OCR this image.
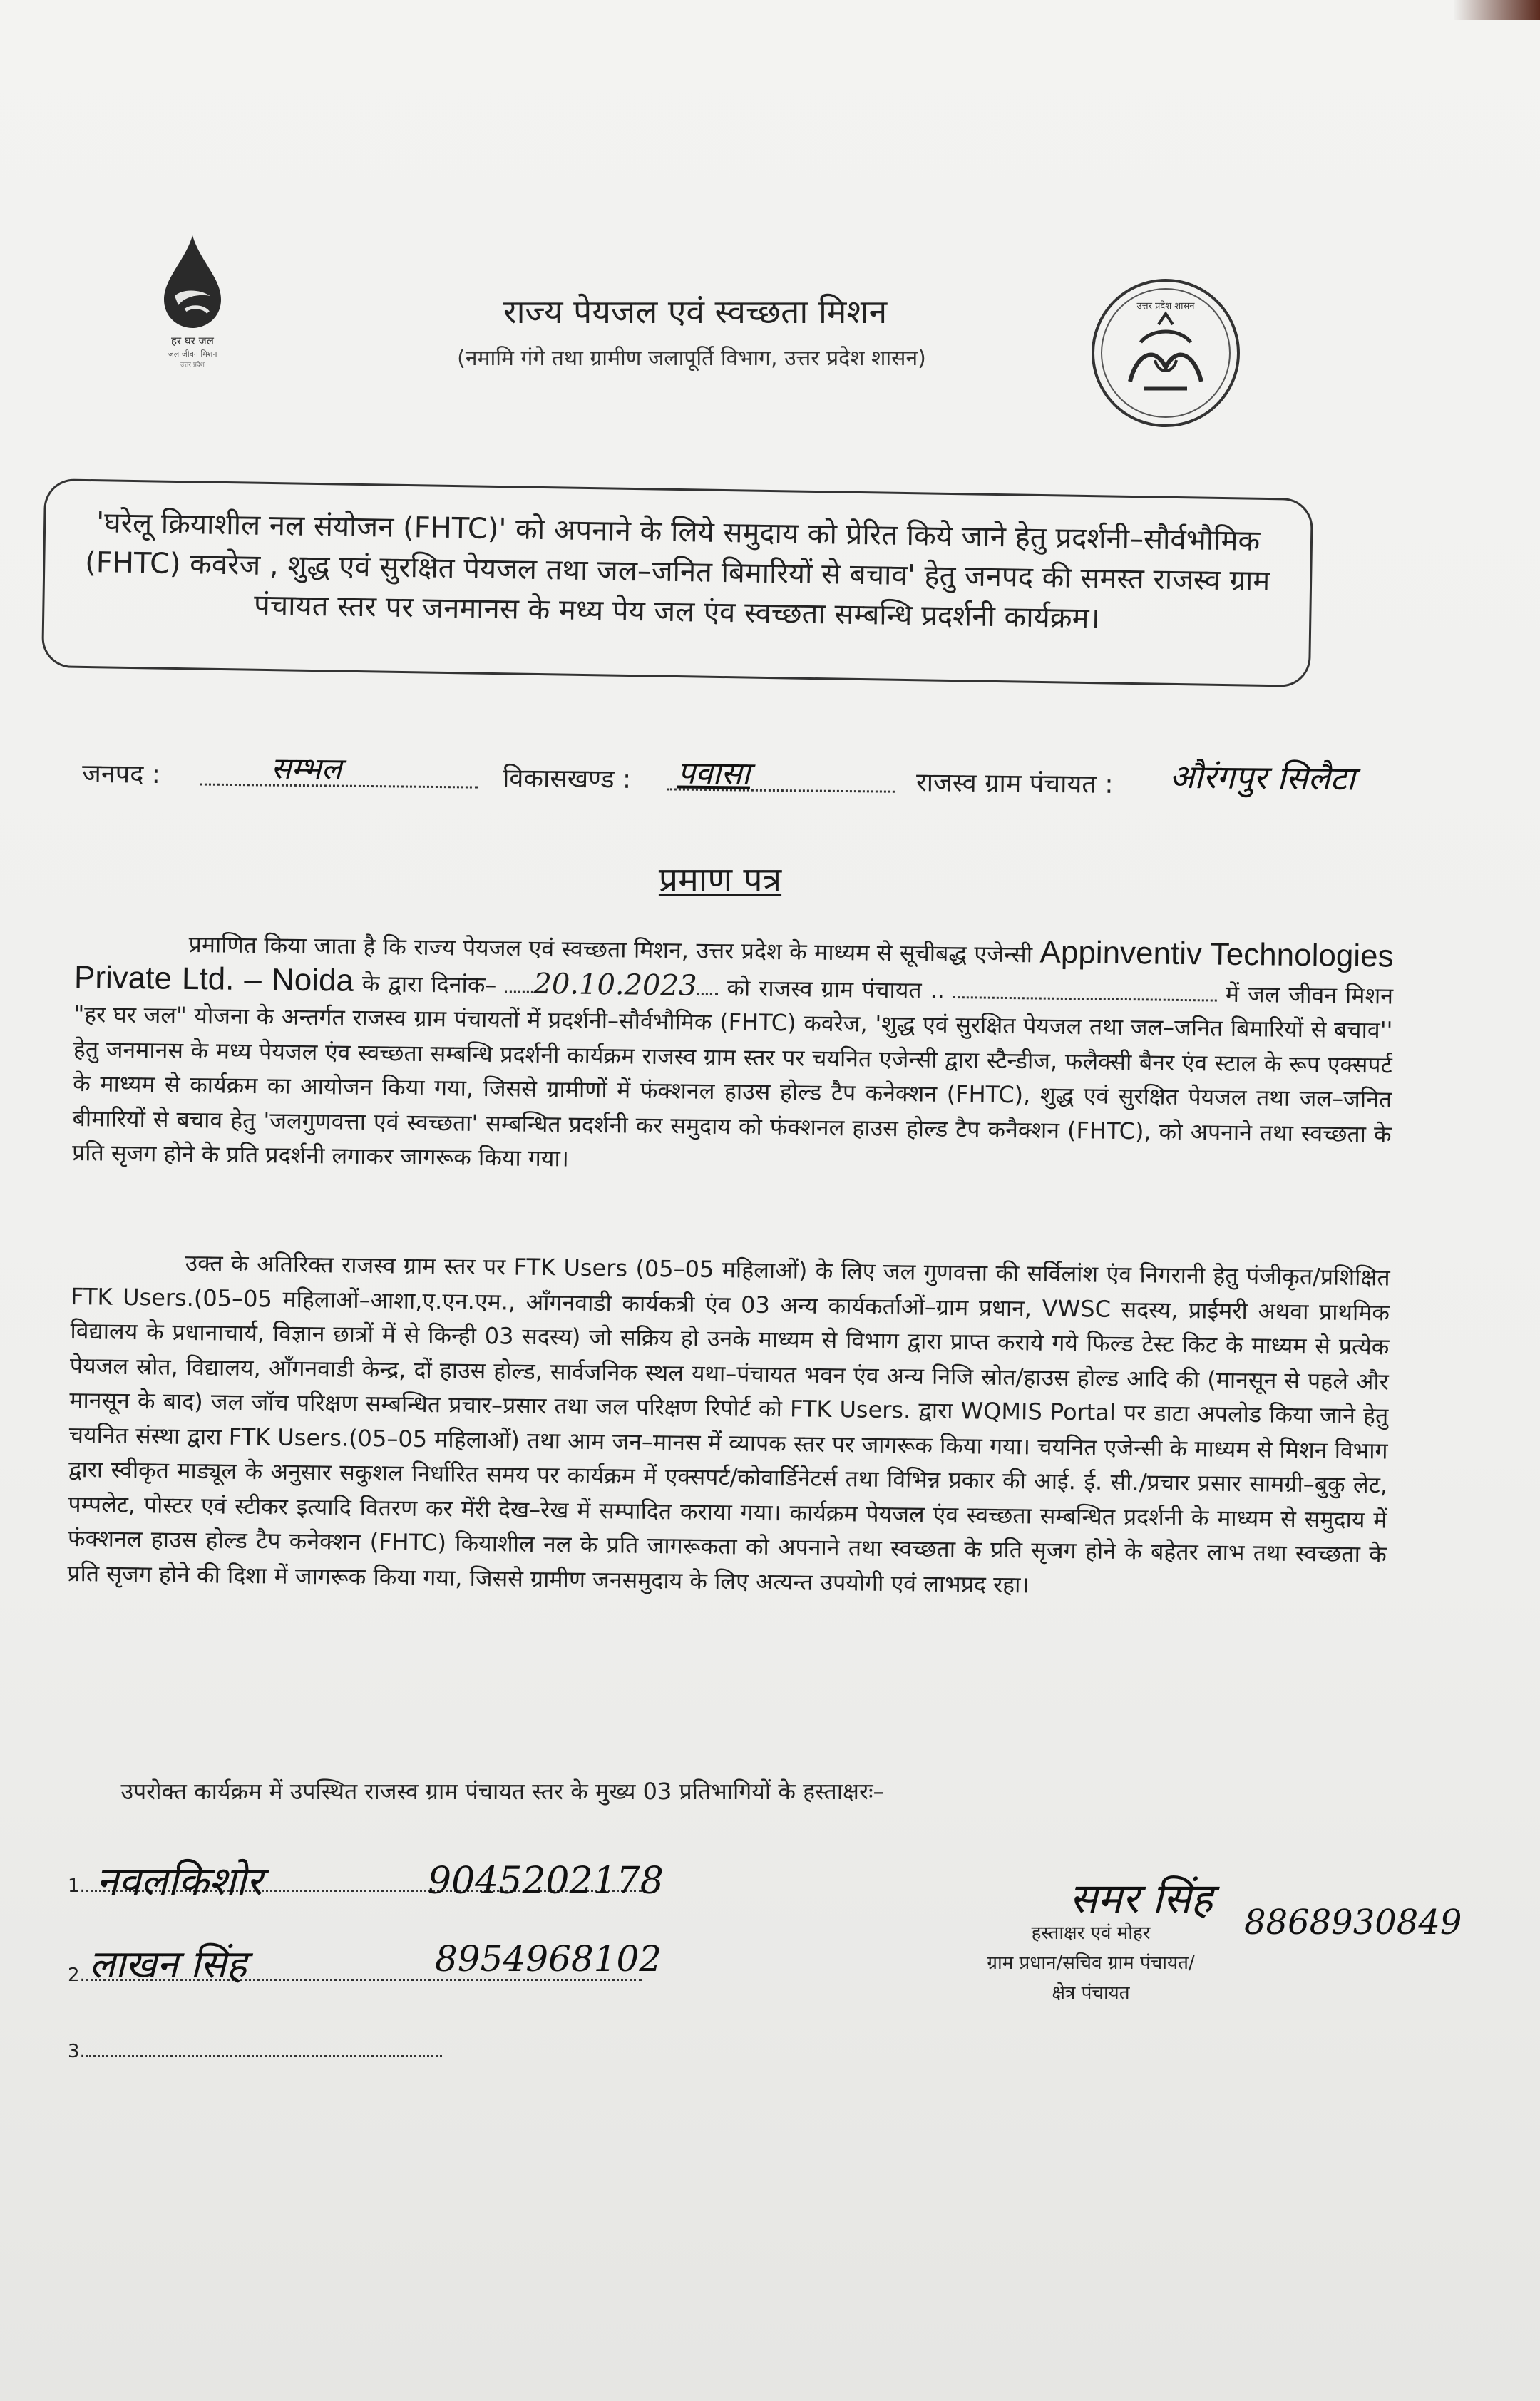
हर घर जल
जल जीवन मिशन
उत्तर प्रदेश
राज्य पेयजल एवं स्वच्छता मिशन
(नमामि गंगे तथा ग्रामीण जलापूर्ति विभाग, उत्तर प्रदेश शासन)
उत्तर प्रदेश शासन
'घरेलू क्रियाशील नल संयोजन (FHTC)' को अपनाने के लिये समुदाय को प्रेरित किये जाने हेतु प्रदर्शनी–सौर्वभौमिक (FHTC) कवरेज , शुद्ध एवं सुरक्षित पेयजल तथा जल–जनित बिमारियों से बचाव' हेतु जनपद की समस्त राजस्व ग्राम पंचायत स्तर पर जनमानस के मध्य पेय जल एंव स्वच्छता सम्बन्धि प्रदर्शनी कार्यक्रम।
जनपद :	सम्भल	विकासखण्ड : पवासा	राजस्व ग्राम पंचायत : औरंगपुर सिलैटा
प्रमाण पत्र
प्रमाणित किया जाता है कि राज्य पेयजल एवं स्वच्छता मिशन, उत्तर प्रदेश के माध्यम से सूचीबद्ध एजेन्सी Appinventiv Technologies Private Ltd. – Noida के द्वारा दिनांक– 20.10.2023 को राजस्व ग्राम पंचायत ..	में जल जीवन मिशन "हर घर जल" योजना के अन्तर्गत राजस्व ग्राम पंचायतों में प्रदर्शनी–सौर्वभौमिक (FHTC) कवरेज, 'शुद्ध एवं सुरक्षित पेयजल तथा जल–जनित बिमारियों से बचाव'' हेतु जनमानस के मध्य पेयजल एंव स्वच्छता सम्बन्धि प्रदर्शनी कार्यक्रम राजस्व ग्राम स्तर पर चयनित एजेन्सी द्वारा स्टैन्डीज, फलैक्सी बैनर एंव स्टाल के रूप एक्सपर्ट के माध्यम से कार्यक्रम का आयोजन किया गया, जिससे ग्रामीणों में फंक्शनल हाउस होल्ड टैप कनेक्शन (FHTC), शुद्ध एवं सुरक्षित पेयजल तथा जल–जनित बीमारियों से बचाव हेतु 'जलगुणवत्ता एवं स्वच्छता' सम्बन्धित प्रदर्शनी कर समुदाय को फंक्शनल हाउस होल्ड टैप कनैक्शन (FHTC), को अपनाने तथा स्वच्छता के प्रति सृजग होने के प्रति प्रदर्शनी लगाकर जागरूक किया गया।
उक्त के अतिरिक्त राजस्व ग्राम स्तर पर FTK Users (05–05 महिलाओं) के लिए जल गुणवत्ता की सर्विलांश एंव निगरानी हेतु पंजीकृत/प्रशिक्षित FTK Users.(05–05 महिलाओं–आशा,ए.एन.एम., आँगनवाडी कार्यकत्री एंव 03 अन्य कार्यकर्ताओं–ग्राम प्रधान, VWSC सदस्य, प्राईमरी अथवा प्राथमिक विद्यालय के प्रधानाचार्य, विज्ञान छात्रों में से किन्ही 03 सदस्य) जो सक्रिय हो उनके माध्यम से विभाग द्वारा प्राप्त कराये गये फिल्ड टेस्ट किट के माध्यम से प्रत्येक पेयजल स्रोत, विद्यालय, आँगनवाडी केन्द्र, दों हाउस होल्ड, सार्वजनिक स्थल यथा–पंचायत भवन एंव अन्य निजि स्रोत/हाउस होल्ड आदि की (मानसून से पहले और मानसून के बाद) जल जॉच परिक्षण सम्बन्धित प्रचार–प्रसार तथा जल परिक्षण रिपोर्ट को FTK Users. द्वारा WQMIS Portal पर डाटा अपलोड किया जाने हेतु चयनित संस्था द्वारा FTK Users.(05–05 महिलाओं) तथा आम जन–मानस में व्यापक स्तर पर जागरूक किया गया। चयनित एजेन्सी के माध्यम से मिशन विभाग द्वारा स्वीकृत माड्यूल के अनुसार सकुशल निर्धारित समय पर कार्यक्रम में एक्सपर्ट/कोवार्डिनेटर्स तथा विभिन्न प्रकार की आई. ई. सी./प्रचार प्रसार सामग्री–बुकु लेट, पम्पलेट, पोस्टर एवं स्टीकर इत्यादि वितरण कर मेंरी देख–रेख में सम्पादित कराया गया। कार्यक्रम पेयजल एंव स्वच्छता सम्बन्धित प्रदर्शनी के माध्यम से समुदाय में फंक्शनल हाउस होल्ड टैप कनेक्शन (FHTC) कियाशील नल के प्रति जागरूकता को अपनाने तथा स्वच्छता के प्रति सृजग होने के बहेतर लाभ तथा स्वच्छता के प्रति सृजग होने की दिशा में जागरूक किया गया, जिससे ग्रामीण जनसमुदाय के लिए अत्यन्त उपयोगी एवं लाभप्रद रहा।
उपरोक्त कार्यक्रम में उपस्थित राजस्व ग्राम पंचायत स्तर के मुख्य 03 प्रतिभागियों के हस्ताक्षरः–
1. नवलकिशोर	9045202178
2. लाखन सिंह	8954968102
3.
समर सिंह 8868930849
हस्ताक्षर एवं मोहर
ग्राम प्रधान/सचिव ग्राम पंचायत/
क्षेत्र पंचायत
